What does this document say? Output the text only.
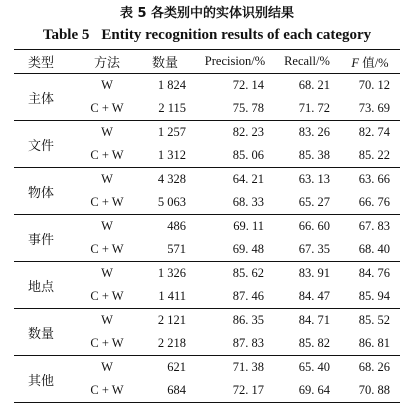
表 5 各类别中的实体识别结果
Table 5 Entity recognition results of each category
类型	方法	数量	Precision/%	Recall/%	F 值/%
主体	W	1 824	72. 14	68. 21	70. 12
	C + W	2 115	75. 78	71. 72	73. 69
文件	W	1 257	82. 23	83. 26	82. 74
	C + W	1 312	85. 06	85. 38	85. 22
物体	W	4 328	64. 21	63. 13	63. 66
	C + W	5 063	68. 33	65. 27	66. 76
事件	W	486	69. 11	66. 60	67. 83
	C + W	571	69. 48	67. 35	68. 40
地点	W	1 326	85. 62	83. 91	84. 76
	C + W	1 411	87. 46	84. 47	85. 94
数量	W	2 121	86. 35	84. 71	85. 52
	C + W	2 218	87. 83	85. 82	86. 81
其他	W	621	71. 38	65. 40	68. 26
	C + W	684	72. 17	69. 64	70. 88
